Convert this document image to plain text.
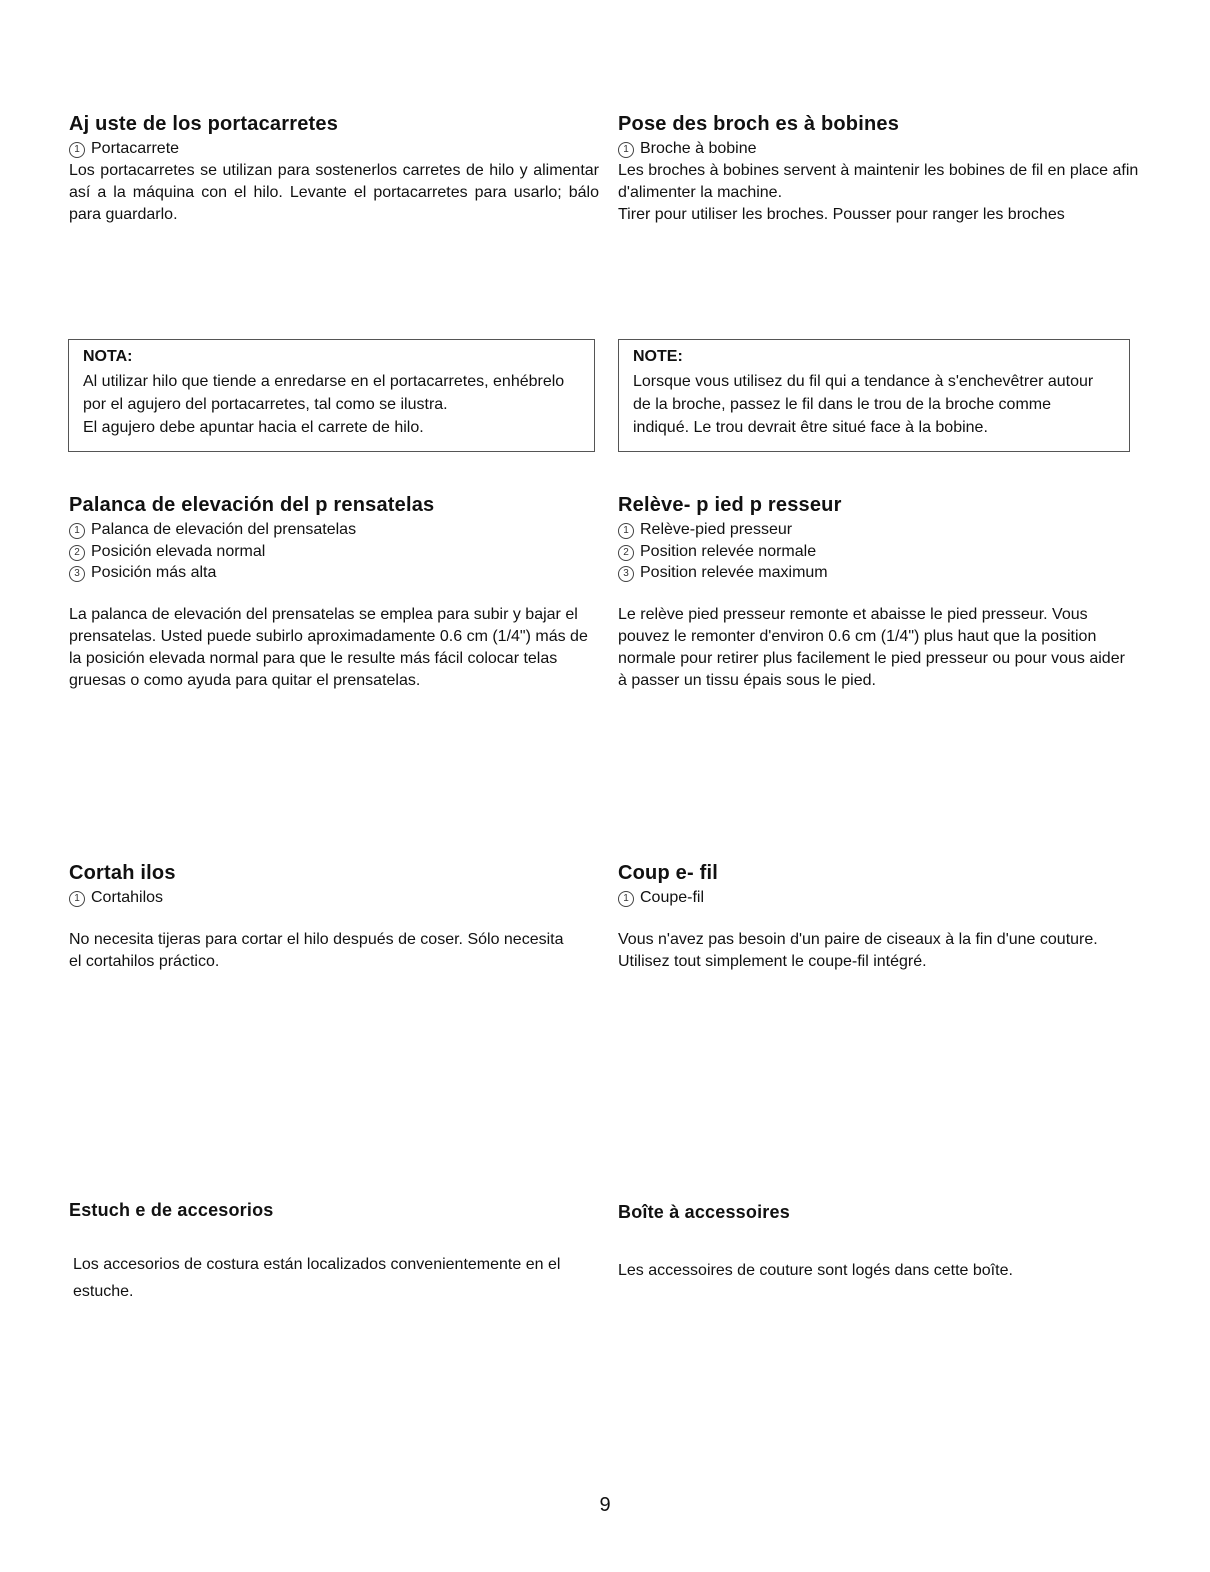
Aj uste de los portacarretes
1 Portacarrete

Los portacarretes se utilizan para sostenerlos carretes de hilo y alimentar así a la máquina con el hilo. Levante el portacarretes para usarlo; bálo para guardarlo.

Pose des broch es à bobines
1 Broche à bobine

Les broches à bobines servent à maintenir les bobines de fil en place afin d'alimenter la machine.

Tirer pour utiliser les broches. Pousser pour ranger les broches

NOTA:
Al utilizar hilo que tiende a enredarse en el portacarretes, enhébrelo
por el agujero del portacarretes, tal como se ilustra.
El agujero debe apuntar hacia el carrete de hilo.
NOTE:
Lorsque vous utilisez du fil qui a tendance à s'enchevêtrer autour
de la broche, passez le fil dans le trou de la broche comme
indiqué. Le trou devrait être situé face à la bobine.
Palanca de elevación del p rensatelas
1 Palanca de elevación del prensatelas
2 Posición elevada normal
3 Posición más alta

La palanca de elevación del prensatelas se emplea para subir y bajar el prensatelas. Usted puede subirlo aproximadamente 0.6 cm (1/4") más de la posición elevada normal para que le resulte más fácil colocar telas gruesas o como ayuda para quitar el prensatelas.

Relève- p ied p resseur
1 Relève-pied presseur
2 Position relevée normale
3 Position relevée maximum

Le relève pied presseur remonte et abaisse le pied presseur. Vous pouvez le remonter d'environ 0.6 cm (1/4") plus haut que la position normale pour retirer plus facilement le pied presseur ou pour vous aider à passer un tissu épais sous le pied.

Cortah ilos
1 Cortahilos

No necesita tijeras para cortar el hilo después de coser. Sólo necesita el cortahilos práctico.

Coup e- fil
1 Coupe-fil

Vous n'avez pas besoin d'un paire de ciseaux à la fin d'une couture. Utilisez tout simplement le coupe-fil intégré.

Estuch e de accesorios

Los accesorios de costura están localizados convenientemente en el estuche.

Boîte à accessoires

Les accessoires de couture sont logés dans cette boîte.

9
